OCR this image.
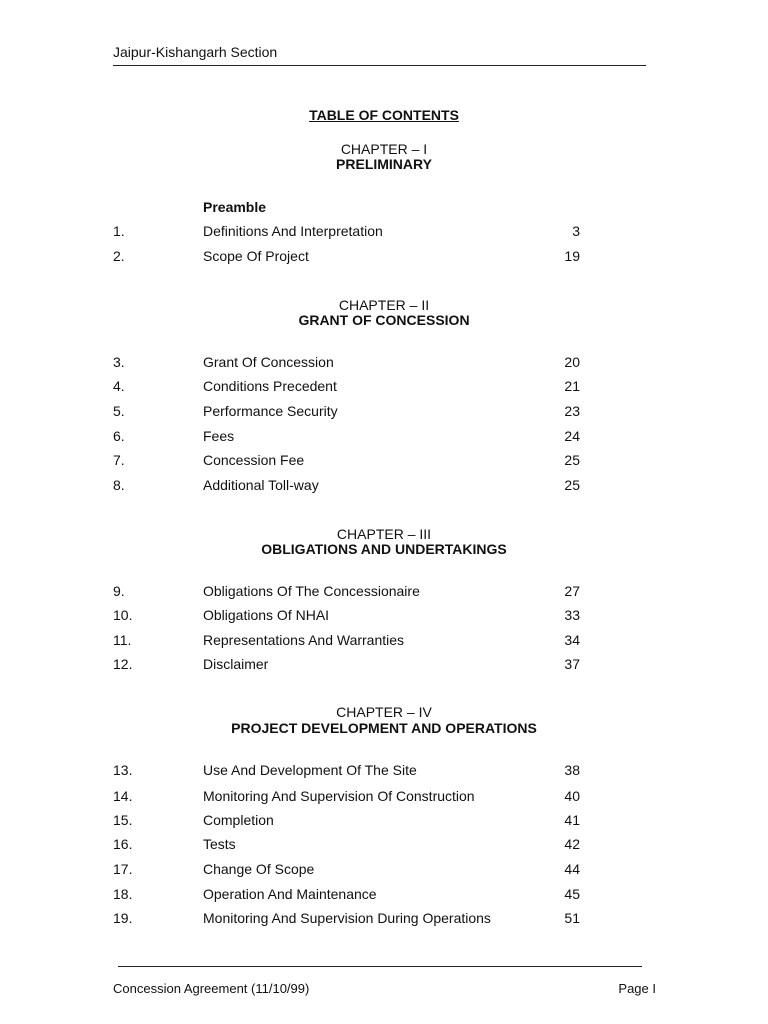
Jaipur-Kishangarh Section
TABLE OF CONTENTS
CHAPTER – I
PRELIMINARY
Preamble
1.	Definitions And Interpretation	3
2.	Scope Of Project	19
CHAPTER – II
GRANT OF CONCESSION
3.	Grant Of Concession	20
4.	Conditions Precedent	21
5.	Performance Security	23
6.	Fees	24
7.	Concession Fee	25
8.	Additional Toll-way	25
CHAPTER – III
OBLIGATIONS AND UNDERTAKINGS
9.	Obligations Of The Concessionaire	27
10.	Obligations Of NHAI	33
11.	Representations And Warranties	34
12.	Disclaimer	37
CHAPTER – IV
PROJECT DEVELOPMENT AND OPERATIONS
13.	Use And Development Of The Site	38
14.	Monitoring And Supervision Of Construction	40
15.	Completion	41
16.	Tests	42
17.	Change Of Scope	44
18.	Operation And Maintenance	45
19.	Monitoring And Supervision During Operations	51
Concession Agreement (11/10/99)	Page I
